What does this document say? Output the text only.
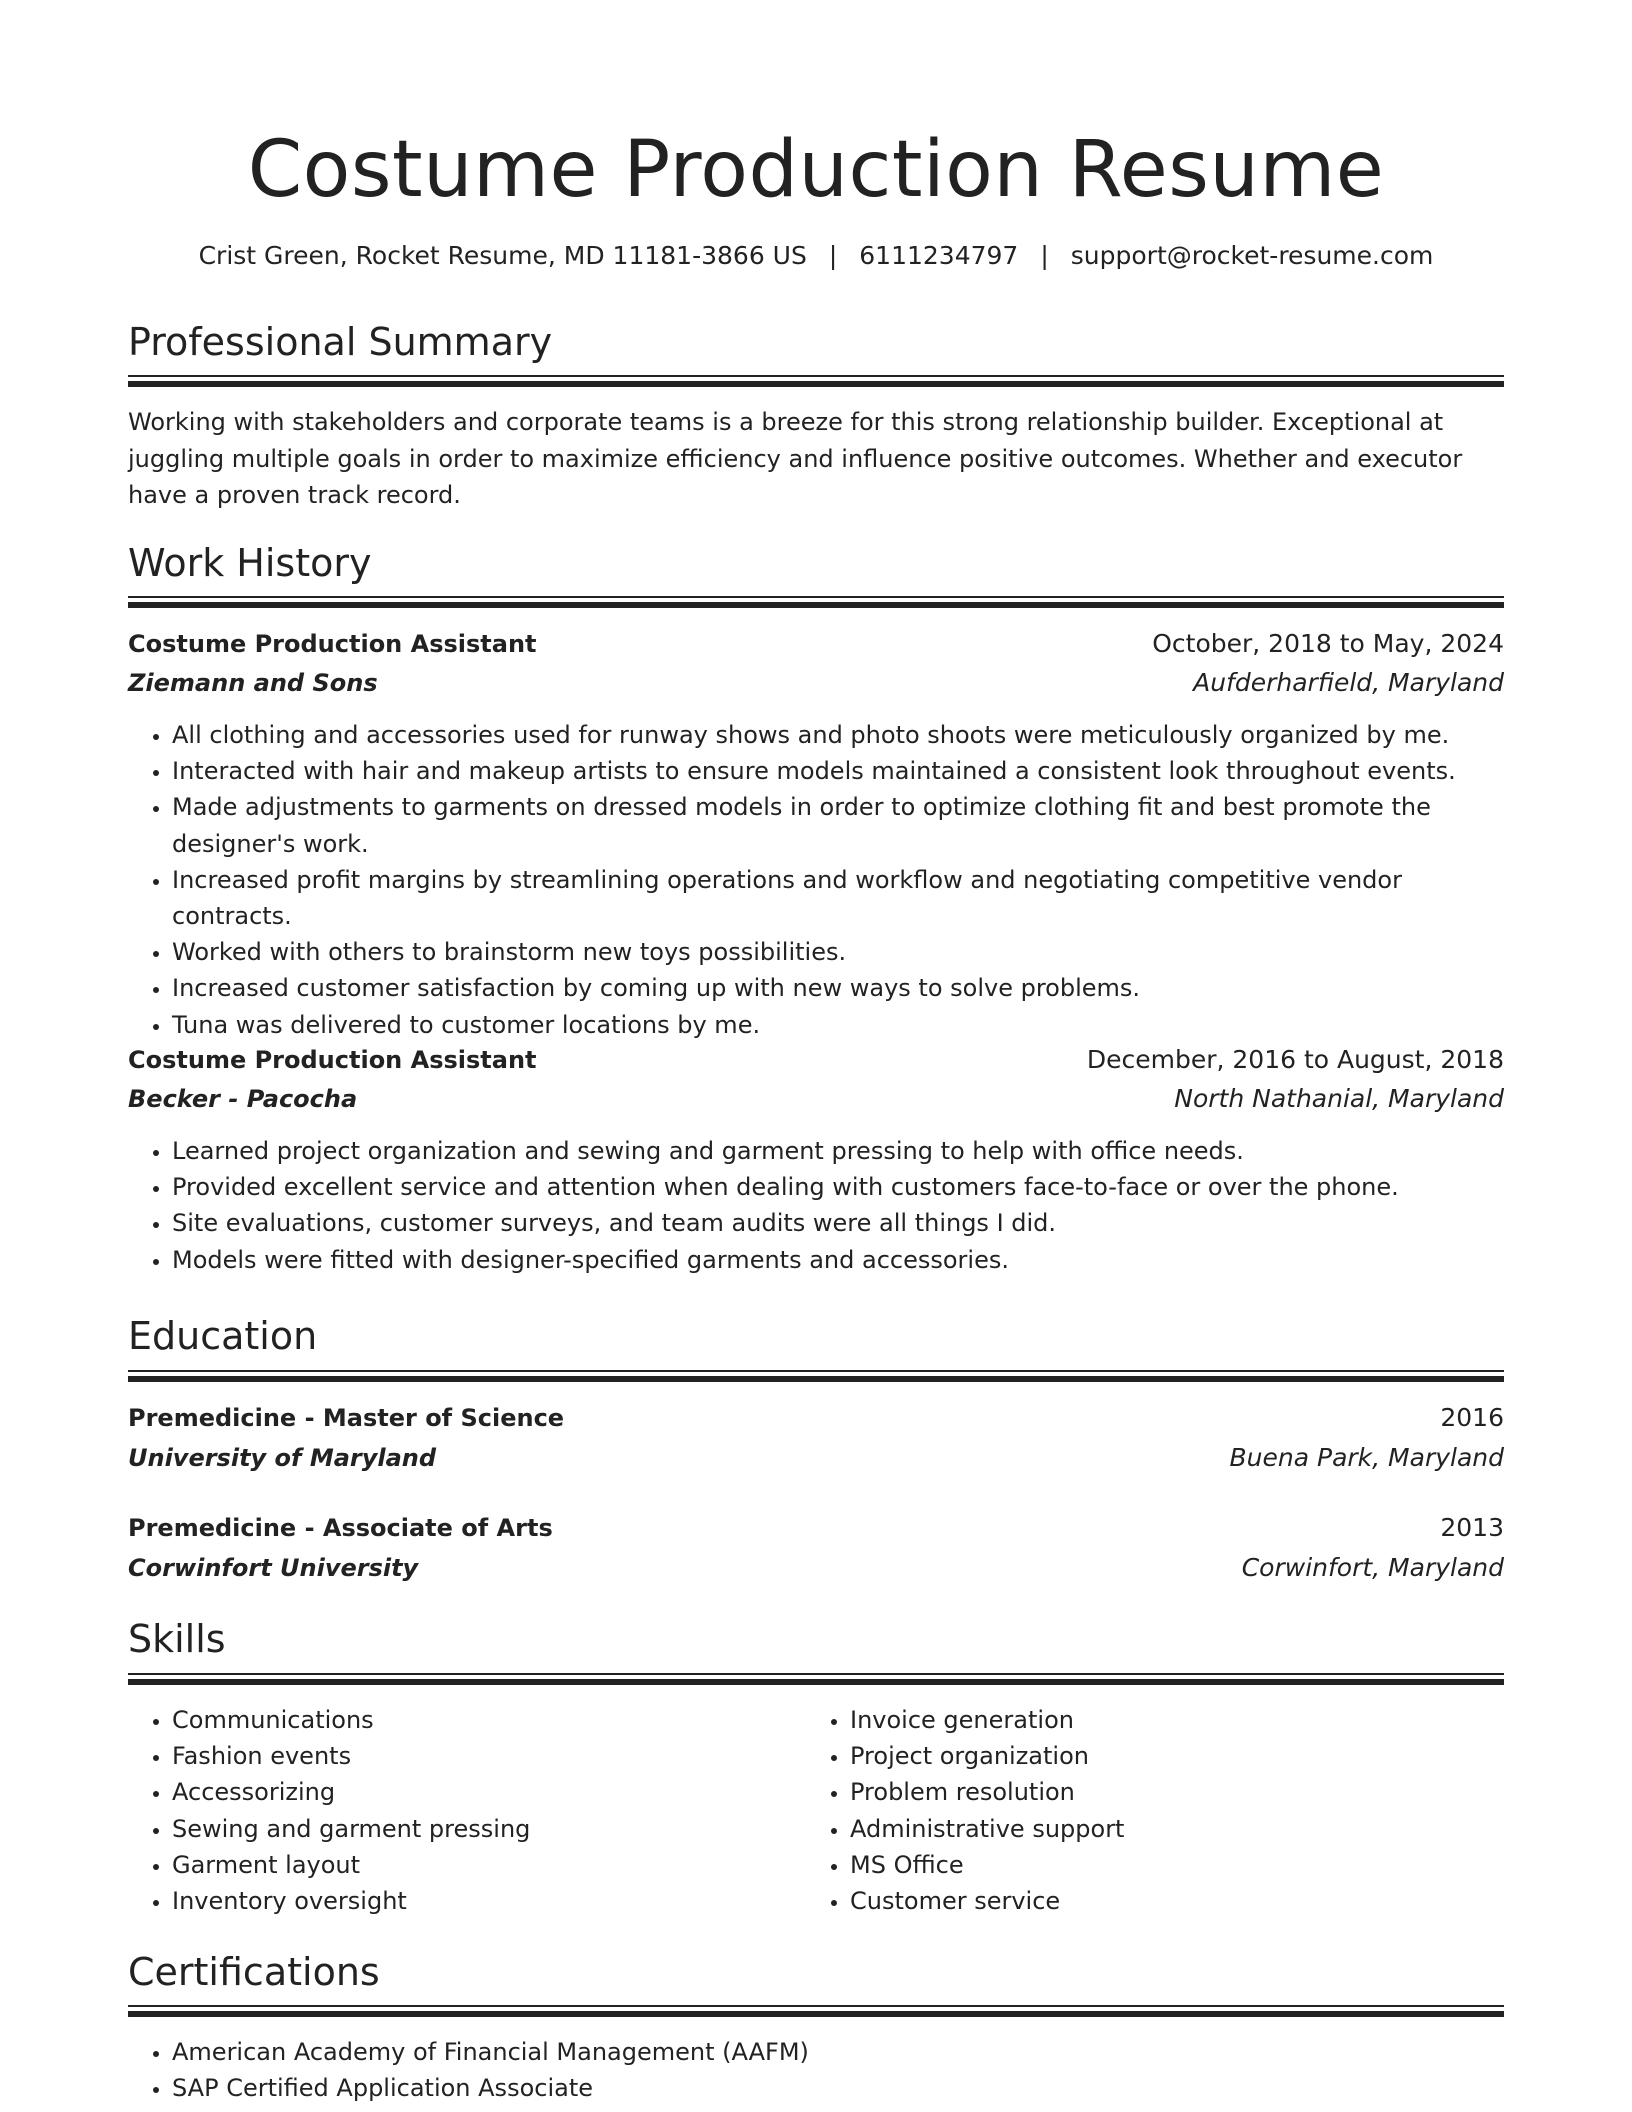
Costume Production Resume
Crist Green, Rocket Resume, MD 11181-3866 US | 6111234797 | support@rocket-resume.com
Professional Summary

Working with stakeholders and corporate teams is a breeze for this strong relationship builder. Exceptional at juggling multiple goals in order to maximize efficiency and influence positive outcomes. Whether and executor have a proven track record.

Work History
Costume Production Assistant	October, 2018 to May, 2024
Ziemann and Sons	Aufderharfield, Maryland
• All clothing and accessories used for runway shows and photo shoots were meticulously organized by me.
• Interacted with hair and makeup artists to ensure models maintained a consistent look throughout events.
• Made adjustments to garments on dressed models in order to optimize clothing fit and best promote the designer's work.
• Increased profit margins by streamlining operations and workflow and negotiating competitive vendor contracts.
• Worked with others to brainstorm new toys possibilities.
• Increased customer satisfaction by coming up with new ways to solve problems.
• Tuna was delivered to customer locations by me.
Costume Production Assistant	December, 2016 to August, 2018
Becker - Pacocha	North Nathanial, Maryland
• Learned project organization and sewing and garment pressing to help with office needs.
• Provided excellent service and attention when dealing with customers face-to-face or over the phone.
• Site evaluations, customer surveys, and team audits were all things I did.
• Models were fitted with designer-specified garments and accessories.
Education
Premedicine - Master of Science	2016
University of Maryland	Buena Park, Maryland
Premedicine - Associate of Arts	2013
Corwinfort University	Corwinfort, Maryland
Skills
• Communications
• Fashion events
• Accessorizing
• Sewing and garment pressing
• Garment layout
• Inventory oversight
• Invoice generation
• Project organization
• Problem resolution
• Administrative support
• MS Office
• Customer service
Certifications
• American Academy of Financial Management (AAFM)
• SAP Certified Application Associate
